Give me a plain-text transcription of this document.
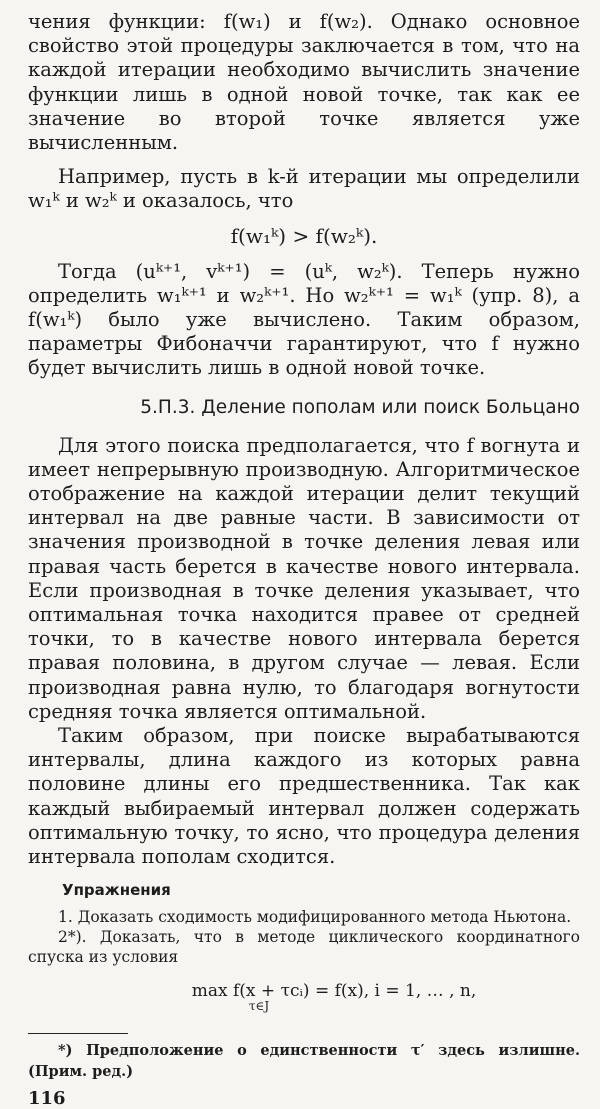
чения функции: f(w₁) и f(w₂). Однако основное свойство этой процедуры заключается в том, что на каждой итерации необходимо вычислить значение функции лишь в одной новой точке, так как ее значение во второй точке является уже вычисленным.

Например, пусть в k-й итерации мы определили w₁ᵏ и w₂ᵏ и оказалось, что

f(w₁ᵏ) > f(w₂ᵏ).

Тогда (uᵏ⁺¹, vᵏ⁺¹) = (uᵏ, w₂ᵏ). Теперь нужно определить w₁ᵏ⁺¹ и w₂ᵏ⁺¹. Но w₂ᵏ⁺¹ = w₁ᵏ (упр. 8), а f(w₁ᵏ) было уже вычислено. Таким образом, параметры Фибоначчи гарантируют, что f нужно будет вычислить лишь в одной новой точке.

5.П.3. Деление пополам или поиск Больцано

Для этого поиска предполагается, что f вогнута и имеет непрерывную производную. Алгоритмическое отображение на каждой итерации делит текущий интервал на две равные части. В зависимости от значения производной в точке деления левая или правая часть берется в качестве нового интервала. Если производная в точке деления указывает, что оптимальная точка находится правее от средней точки, то в качестве нового интервала берется правая половина, в другом случае — левая. Если производная равна нулю, то благодаря вогнутости средняя точка является оптимальной.

Таким образом, при поиске вырабатываются интервалы, длина каждого из которых равна половине длины его предшественника. Так как каждый выбираемый интервал должен содержать оптимальную точку, то ясно, что процедура деления интервала пополам сходится.

Упражнения

1. Доказать сходимость модифицированного метода Ньютона.

2*). Доказать, что в методе циклического координатного спуска из условия

max f(x + τcᵢ) = f(x), i = 1, … , n,
τ∈J

*) Предположение о единственности τ′ здесь излишне. (Прим. ред.)

116
